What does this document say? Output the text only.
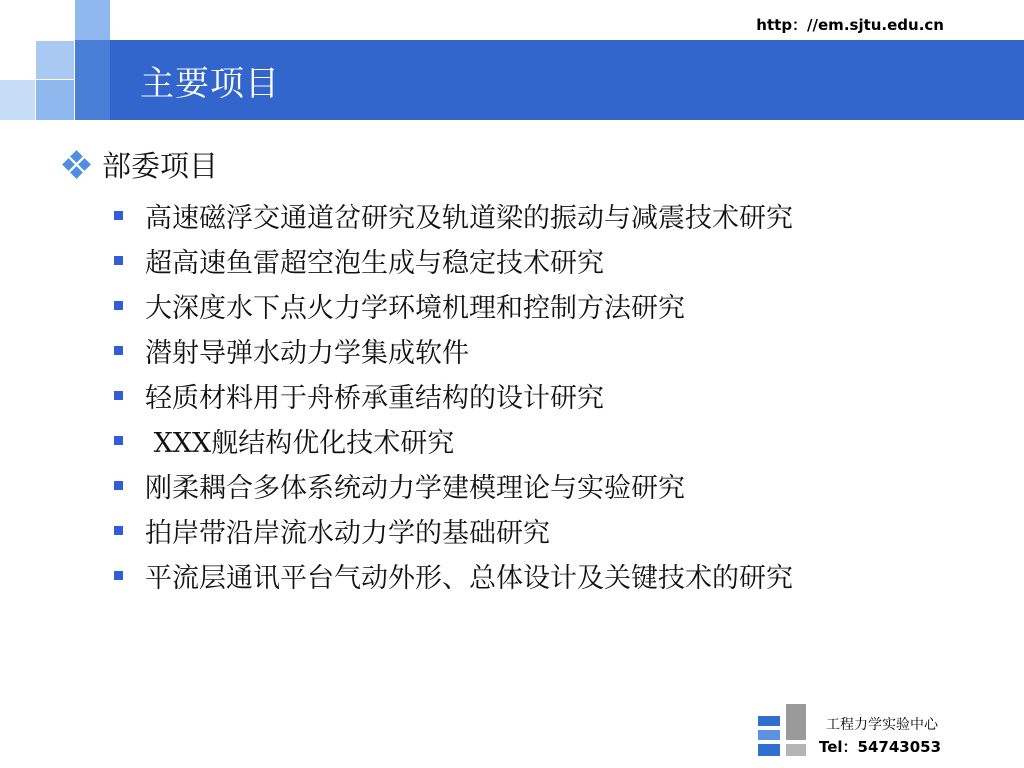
http：//em.sjtu.edu.cn
主要项目
部委项目
高速磁浮交通道岔研究及轨道梁的振动与减震技术研究
超高速鱼雷超空泡生成与稳定技术研究
大深度水下点火力学环境机理和控制方法研究
潜射导弹水动力学集成软件
轻质材料用于舟桥承重结构的设计研究
XXX舰结构优化技术研究
刚柔耦合多体系统动力学建模理论与实验研究
拍岸带沿岸流水动力学的基础研究
平流层通讯平台气动外形、总体设计及关键技术的研究
工程力学实验中心
Tel：54743053
